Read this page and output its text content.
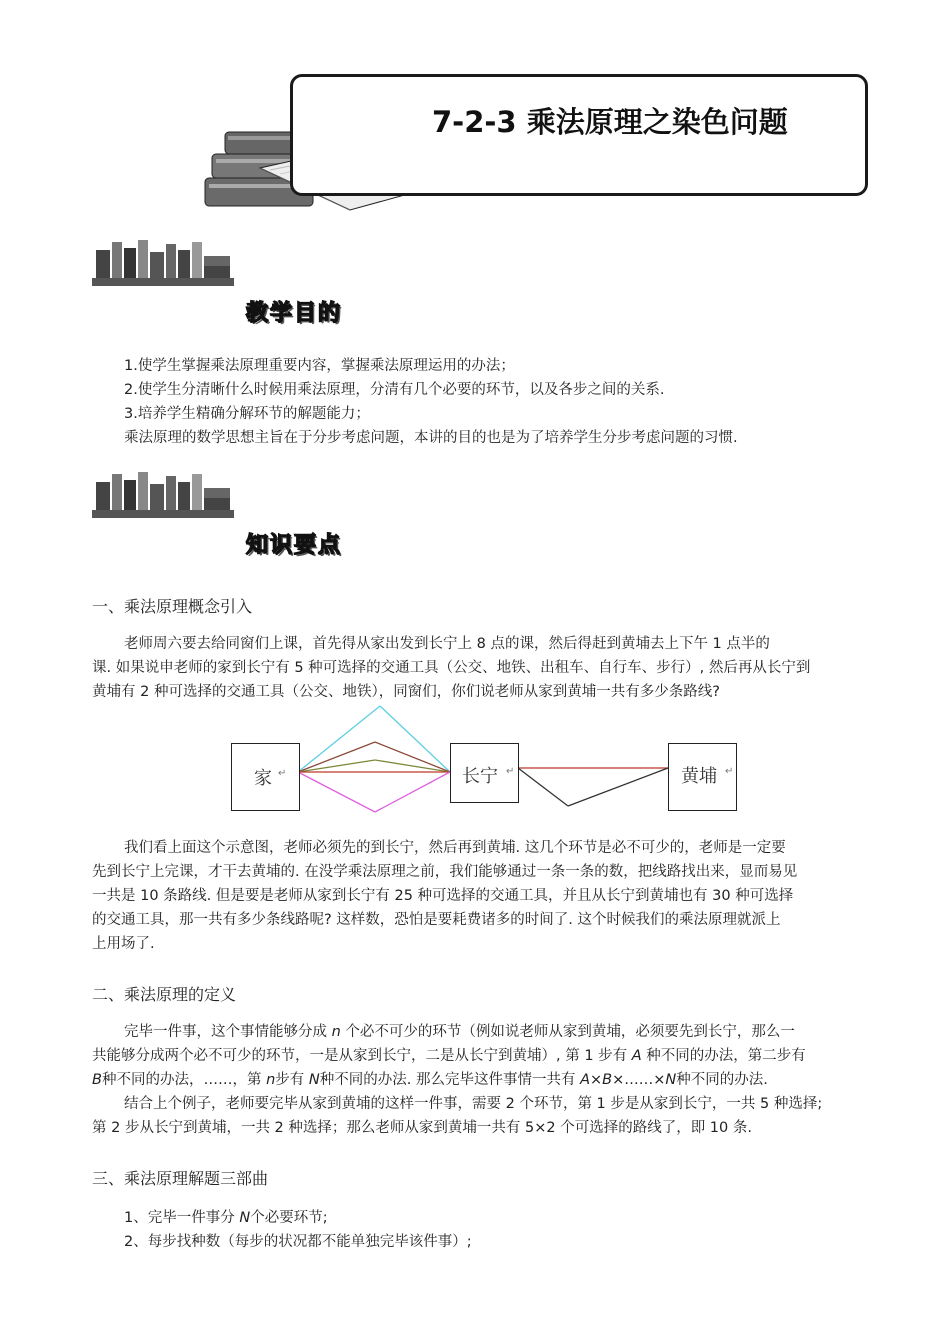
7-2-3 乘法原理之染色问题
教学目的
1.使学生掌握乘法原理重要内容，掌握乘法原理运用的办法；
2.使学生分清晰什么时候用乘法原理，分清有几个必要的环节，以及各步之间的关系.
3.培养学生精确分解环节的解题能力；
乘法原理的数学思想主旨在于分步考虑问题，本讲的目的也是为了培养学生分步考虑问题的习惯.
知识要点
一、乘法原理概念引入
老师周六要去给同窗们上课，首先得从家出发到长宁上 8 点的课，然后得赶到黄埔去上下午 1 点半的
课. 如果说申老师的家到长宁有 5 种可选择的交通工具（公交、地铁、出租车、自行车、步行）, 然后再从长宁到
黄埔有 2 种可选择的交通工具（公交、地铁），同窗们，你们说老师从家到黄埔一共有多少条路线?
家 ↵	长宁 ↵	黄埔 ↵
我们看上面这个示意图，老师必须先的到长宁，然后再到黄埔. 这几个环节是必不可少的，老师是一定要
先到长宁上完课，才干去黄埔的. 在没学乘法原理之前，我们能够通过一条一条的数，把线路找出来，显而易见
一共是 10 条路线. 但是要是老师从家到长宁有 25 种可选择的交通工具，并且从长宁到黄埔也有 30 种可选择
的交通工具，那一共有多少条线路呢? 这样数，恐怕是要耗费诸多的时间了. 这个时候我们的乘法原理就派上
上用场了.
二、乘法原理的定义
完毕一件事，这个事情能够分成 n 个必不可少的环节（例如说老师从家到黄埔，必须要先到长宁，那么一
共能够分成两个必不可少的环节，一是从家到长宁，二是从长宁到黄埔）, 第 1 步有 A 种不同的办法，第二步有
B种不同的办法，……，第 n步有 N种不同的办法. 那么完毕这件事情一共有 A×B×……×N种不同的办法.
结合上个例子，老师要完毕从家到黄埔的这样一件事，需要 2 个环节，第 1 步是从家到长宁，一共 5 种选择;
第 2 步从长宁到黄埔，一共 2 种选择；那么老师从家到黄埔一共有 5×2 个可选择的路线了，即 10 条.
三、乘法原理解题三部曲
1、完毕一件事分 N个必要环节;
2、每步找种数（每步的状况都不能单独完毕该件事）;
